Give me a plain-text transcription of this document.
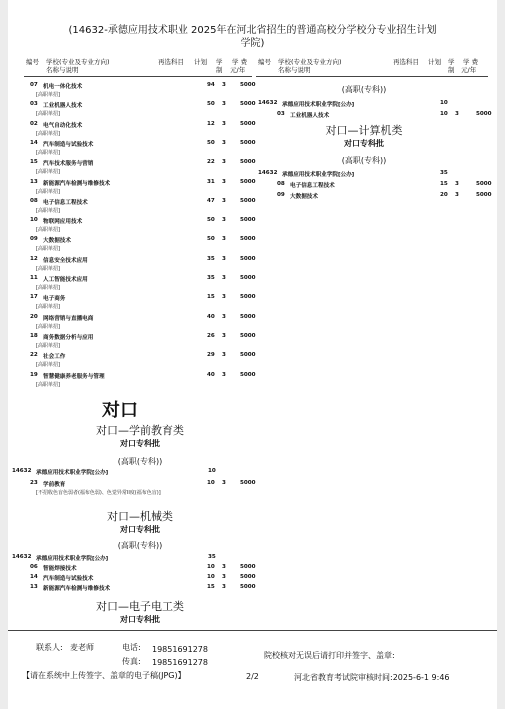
(14632-承德应用技术职业 2025年在河北省招生的普通高校分学校分专业招生计划
学院)
编号 学校(专业及专业方向)
名称与说明
再选科目 计划 学
制
学 费
元/年
编号 学校(专业及专业方向)
名称与说明
再选科目 计划 学
制
学 费
元/年
07 机电一体化技术	94 3	5000
[高职单招]
03 工业机器人技术	50 3	5000
[高职单招]
02 电气自动化技术	12 3	5000
[高职单招]
14 汽车制造与试验技术	50 3	5000
[高职单招]
15 汽车技术服务与营销	22 3	5000
[高职单招]
13 新能源汽车检测与维修技术	31 3	5000
[高职单招]
08 电子信息工程技术	47 3	5000
[高职单招]
10 物联网应用技术	50 3	5000
[高职单招]
09 大数据技术	50 3	5000
[高职单招]
12 信息安全技术应用	35 3	5000
[高职单招]
11 人工智能技术应用	35 3	5000
[高职单招]
17 电子商务	15 3	5000
[高职单招]
20 网络营销与直播电商	40 3	5000
[高职单招]
18 商务数据分析与应用	26 3	5000
[高职单招]
22 社会工作	29 3	5000
[高职单招]
19 智慧健康养老服务与管理	40 3	5000
[高职单招]
对口
对口—学前教育类
对口专科批
(高职(专科))
14632 承德应用技术职业学院[公办]	10
23 学前教育	10 3	5000
[不招收色盲色弱者(福布色弱)、色觉异常II度(福布色盲)]
对口—机械类
对口专科批
(高职(专科))
14632 承德应用技术职业学院[公办]	35
06 智能焊接技术	10 3	5000
14 汽车制造与试验技术	10 3	5000
13 新能源汽车检测与维修技术	15 3	5000
对口—电子电工类
对口专科批
(高职(专科))
14632 承德应用技术职业学院[公办]	10
03 工业机器人技术	10 3	5000
对口—计算机类
对口专科批
(高职(专科))
14632 承德应用技术职业学院[公办]	35
08 电子信息工程技术	15 3	5000
09 大数据技术	20 3	5000
联系人: 麦老师	电话: 19851691278
传真: 19851691278
院校核对无误后请打印并签字、盖章:
【请在系统中上传签字、盖章的电子稿(JPG)】	2/2	河北省教育考试院审核时间:2025-6-1 9:46
